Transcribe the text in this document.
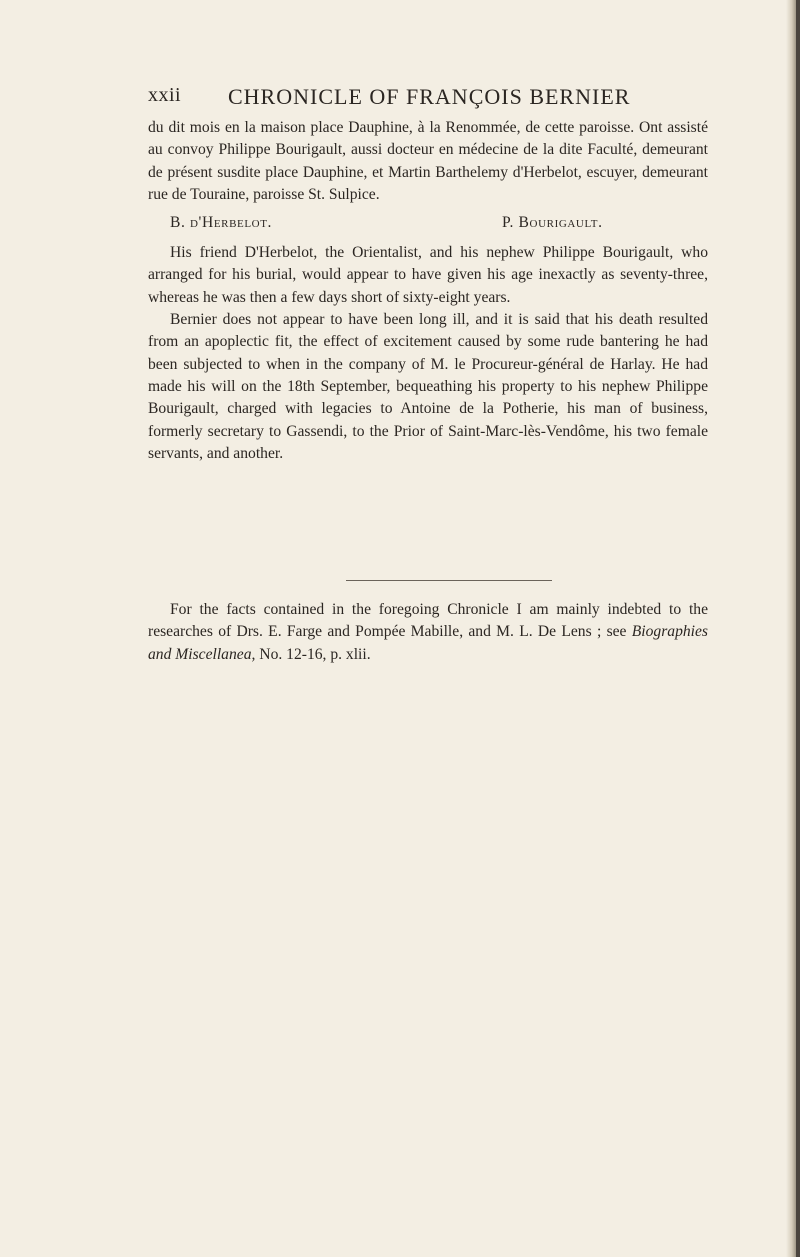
xxii CHRONICLE OF FRANÇOIS BERNIER

du dit mois en la maison place Dauphine, à la Renommée, de cette paroisse. Ont assisté au convoy Philippe Bourigault, aussi docteur en médecine de la dite Faculté, demeurant de présent susdite place Dauphine, et Martin Barthelemy d'Herbelot, escuyer, demeurant rue de Touraine, paroisse St. Sulpice.

B. d'Herbelot.	P. Bourigault.

His friend D'Herbelot, the Orientalist, and his nephew Philippe Bourigault, who arranged for his burial, would appear to have given his age inexactly as seventy-three, whereas he was then a few days short of sixty-eight years.

Bernier does not appear to have been long ill, and it is said that his death resulted from an apoplectic fit, the effect of excitement caused by some rude bantering he had been subjected to when in the company of M. le Procureur-général de Harlay. He had made his will on the 18th September, bequeathing his property to his nephew Philippe Bourigault, charged with legacies to Antoine de la Potherie, his man of business, formerly secretary to Gassendi, to the Prior of Saint-Marc-lès-Vendôme, his two female servants, and another.

For the facts contained in the foregoing Chronicle I am mainly indebted to the researches of Drs. E. Farge and Pompée Mabille, and M. L. De Lens ; see Biographies and Miscellanea, No. 12-16, p. xlii.
